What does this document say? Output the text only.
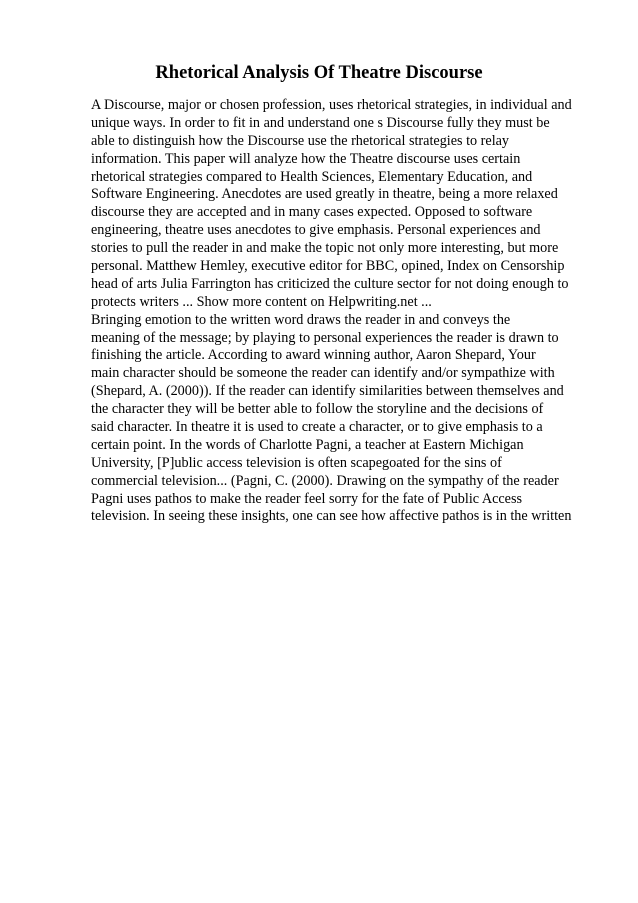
Rhetorical Analysis Of Theatre Discourse
A Discourse, major or chosen profession, uses rhetorical strategies, in individual and
unique ways. In order to fit in and understand one s Discourse fully they must be
able to distinguish how the Discourse use the rhetorical strategies to relay
information. This paper will analyze how the Theatre discourse uses certain
rhetorical strategies compared to Health Sciences, Elementary Education, and
Software Engineering. Anecdotes are used greatly in theatre, being a more relaxed
discourse they are accepted and in many cases expected. Opposed to software
engineering, theatre uses anecdotes to give emphasis. Personal experiences and
stories to pull the reader in and make the topic not only more interesting, but more
personal. Matthew Hemley, executive editor for BBC, opined, Index on Censorship
head of arts Julia Farrington has criticized the culture sector for not doing enough to
protects writers ... Show more content on Helpwriting.net ...
Bringing emotion to the written word draws the reader in and conveys the
meaning of the message; by playing to personal experiences the reader is drawn to
finishing the article. According to award winning author, Aaron Shepard, Your
main character should be someone the reader can identify and/or sympathize with
(Shepard, A. (2000)). If the reader can identify similarities between themselves and
the character they will be better able to follow the storyline and the decisions of
said character. In theatre it is used to create a character, or to give emphasis to a
certain point. In the words of Charlotte Pagni, a teacher at Eastern Michigan
University, [P]ublic access television is often scapegoated for the sins of
commercial television... (Pagni, C. (2000). Drawing on the sympathy of the reader
Pagni uses pathos to make the reader feel sorry for the fate of Public Access
television. In seeing these insights, one can see how affective pathos is in the written
